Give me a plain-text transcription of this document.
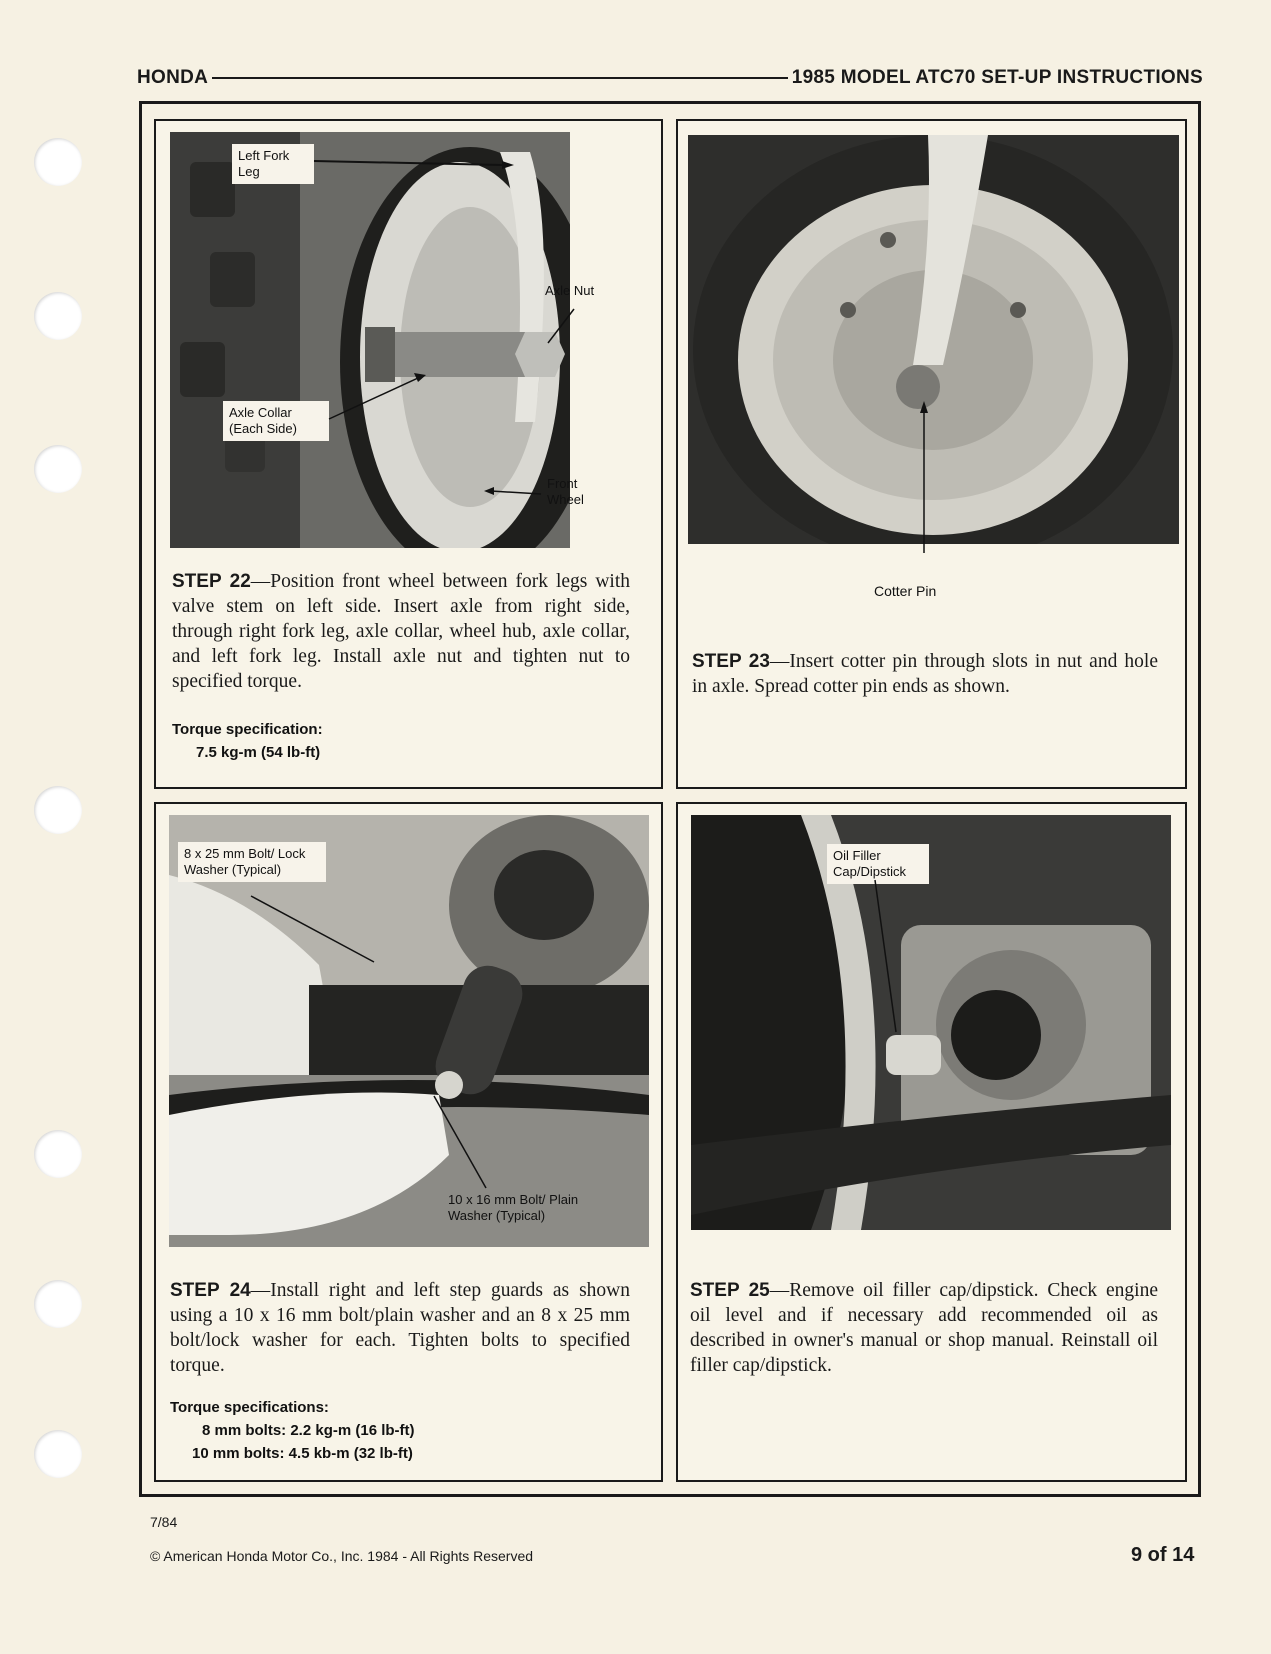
HONDA	1985 MODEL ATC70 SET-UP INSTRUCTIONS
Left Fork Leg
Axle Nut
Axle Collar (Each Side)
Front Wheel
STEP 22—Position front wheel between fork legs with valve stem on left side. Insert axle from right side, through right fork leg, axle collar, wheel hub, axle collar, and left fork leg. Install axle nut and tighten nut to specified torque.
Torque specification:
7.5 kg-m (54 lb-ft)
Cotter Pin
STEP 23—Insert cotter pin through slots in nut and hole in axle. Spread cotter pin ends as shown.
8 x 25 mm Bolt/ Lock Washer (Typical)
10 x 16 mm Bolt/ Plain Washer (Typical)
STEP 24—Install right and left step guards as shown using a 10 x 16 mm bolt/plain washer and an 8 x 25 mm bolt/lock washer for each. Tighten bolts to specified torque.
Torque specifications:
8 mm bolts: 2.2 kg-m (16 lb-ft)
10 mm bolts: 4.5 kb-m (32 lb-ft)
Oil Filler Cap/Dipstick
STEP 25—Remove oil filler cap/dipstick. Check engine oil level and if necessary add recommended oil as described in owner's manual or shop manual. Reinstall oil filler cap/dipstick.
7/84
© American Honda Motor Co., Inc. 1984 - All Rights Reserved	9 of 14
